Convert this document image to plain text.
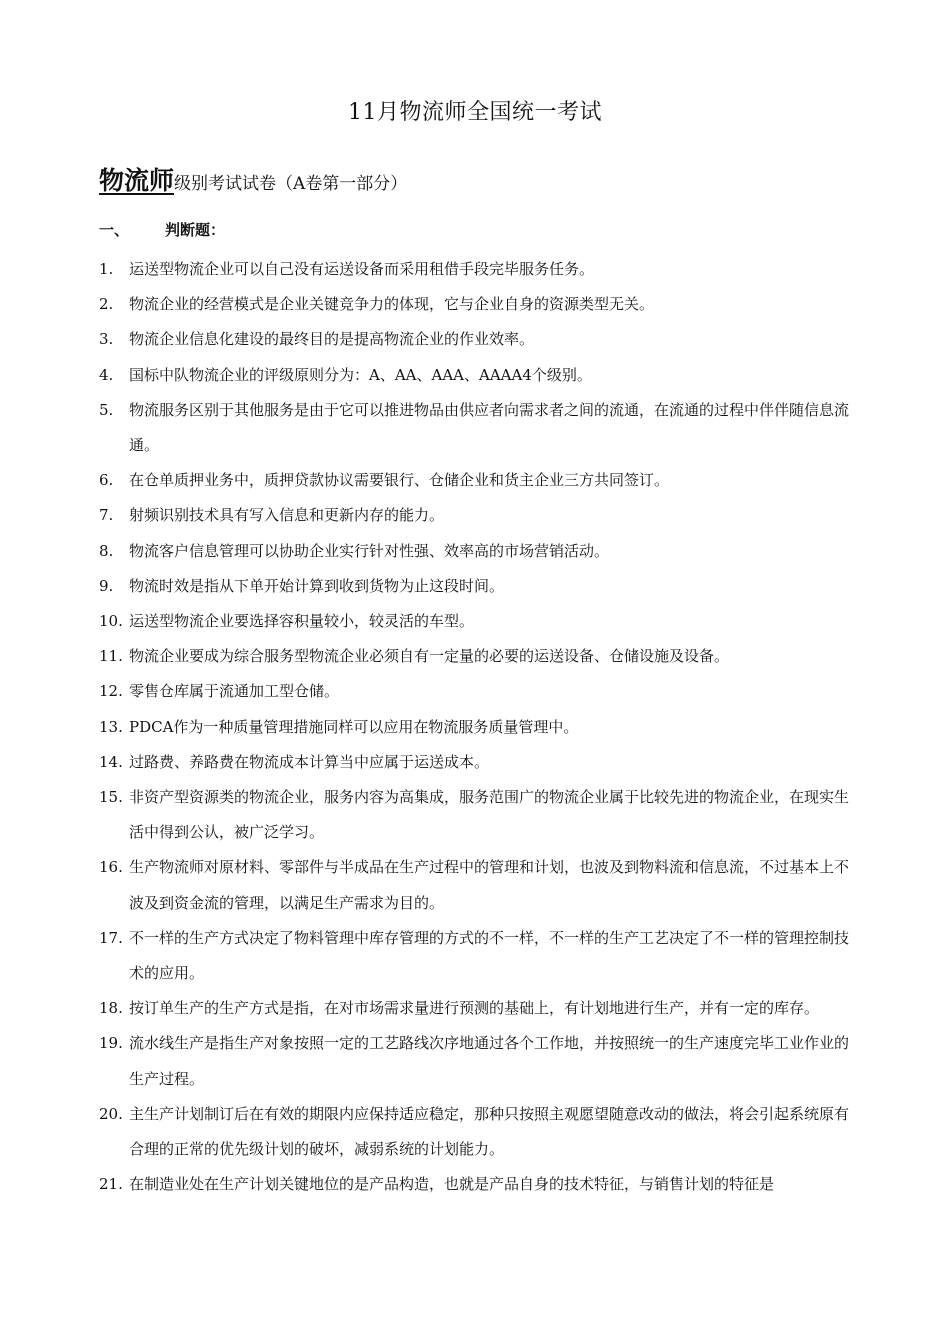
11月物流师全国统一考试
物流师级别考试试卷（A卷第一部分）
一、 判断题：
1. 运送型物流企业可以自己没有运送设备而采用租借手段完毕服务任务。
2. 物流企业的经营模式是企业关键竞争力的体现，它与企业自身的资源类型无关。
3. 物流企业信息化建设的最终目的是提高物流企业的作业效率。
4. 国标中队物流企业的评级原则分为：A、AA、AAA、AAAA4个级别。
5. 物流服务区别于其他服务是由于它可以推进物品由供应者向需求者之间的流通，在流通的过程中伴伴随信息流通。
6. 在仓单质押业务中，质押贷款协议需要银行、仓储企业和货主企业三方共同签订。
7. 射频识别技术具有写入信息和更新内存的能力。
8. 物流客户信息管理可以协助企业实行针对性强、效率高的市场营销活动。
9. 物流时效是指从下单开始计算到收到货物为止这段时间。
10. 运送型物流企业要选择容积量较小，较灵活的车型。
11. 物流企业要成为综合服务型物流企业必须自有一定量的必要的运送设备、仓储设施及设备。
12. 零售仓库属于流通加工型仓储。
13. PDCA作为一种质量管理措施同样可以应用在物流服务质量管理中。
14. 过路费、养路费在物流成本计算当中应属于运送成本。
15. 非资产型资源类的物流企业，服务内容为高集成，服务范围广的物流企业属于比较先进的物流企业，在现实生活中得到公认，被广泛学习。
16. 生产物流师对原材料、零部件与半成品在生产过程中的管理和计划，也波及到物料流和信息流，不过基本上不波及到资金流的管理，以满足生产需求为目的。
17. 不一样的生产方式决定了物料管理中库存管理的方式的不一样，不一样的生产工艺决定了不一样的管理控制技术的应用。
18. 按订单生产的生产方式是指，在对市场需求量进行预测的基础上，有计划地进行生产，并有一定的库存。
19. 流水线生产是指生产对象按照一定的工艺路线次序地通过各个工作地，并按照统一的生产速度完毕工业作业的生产过程。
20. 主生产计划制订后在有效的期限内应保持适应稳定，那种只按照主观愿望随意改动的做法，将会引起系统原有合理的正常的优先级计划的破坏，减弱系统的计划能力。
21. 在制造业处在生产计划关键地位的是产品构造，也就是产品自身的技术特征，与销售计划的特征是
